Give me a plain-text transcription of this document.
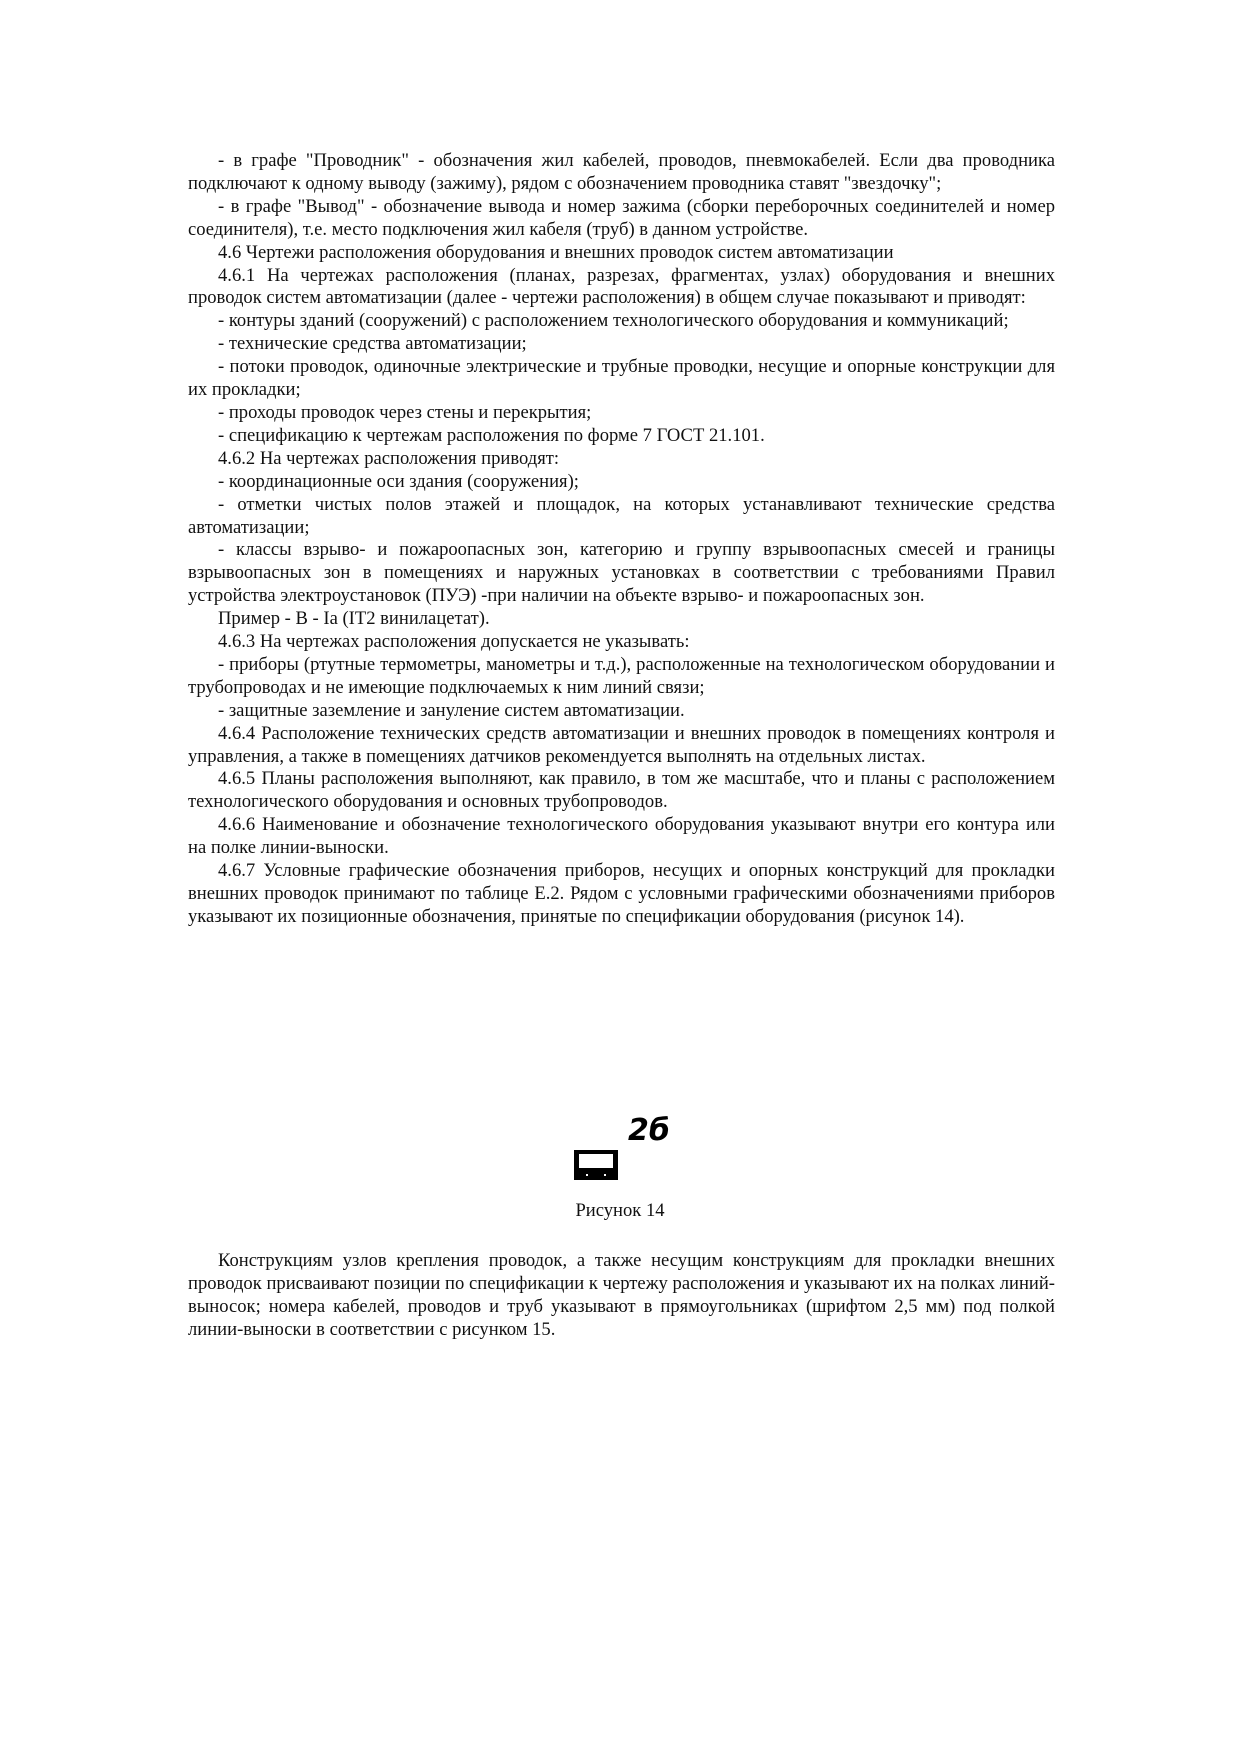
- в графе "Проводник" - обозначения жил кабелей, проводов, пневмокабелей. Если два проводника подключают к одному выводу (зажиму), рядом с обозначением проводника ставят "звездочку";

- в графе "Вывод" - обозначение вывода и номер зажима (сборки переборочных соединителей и номер соединителя), т.е. место подключения жил кабеля (труб) в данном устройстве.

4.6 Чертежи расположения оборудования и внешних проводок систем автоматизации

4.6.1 На чертежах расположения (планах, разрезах, фрагментах, узлах) оборудования и внешних проводок систем автоматизации (далее - чертежи расположения) в общем случае показывают и приводят:

- контуры зданий (сооружений) с расположением технологического оборудования и коммуникаций;

- технические средства автоматизации;

- потоки проводок, одиночные электрические и трубные проводки, несущие и опорные конструкции для их прокладки;

- проходы проводок через стены и перекрытия;

- спецификацию к чертежам расположения по форме 7 ГОСТ 21.101.

4.6.2 На чертежах расположения приводят:

- координационные оси здания (сооружения);

- отметки чистых полов этажей и площадок, на которых устанавливают технические средства автоматизации;

- классы взрыво- и пожароопасных зон, категорию и группу взрывоопасных смесей и границы взрывоопасных зон в помещениях и наружных установках в соответствии с требованиями Правил устройства электроустановок (ПУЭ) -при наличии на объекте взрыво- и пожароопасных зон.

Пример - В - Iа (IТ2 винилацетат).

4.6.3 На чертежах расположения допускается не указывать:

- приборы (ртутные термометры, манометры и т.д.), расположенные на технологическом оборудовании и трубопроводах и не имеющие подключаемых к ним линий связи;

- защитные заземление и зануление систем автоматизации.

4.6.4 Расположение технических средств автоматизации и внешних проводок в помещениях контроля и управления, а также в помещениях датчиков рекомендуется выполнять на отдельных листах.

4.6.5 Планы расположения выполняют, как правило, в том же масштабе, что и планы с расположением технологического оборудования и основных трубопроводов.

4.6.6 Наименование и обозначение технологического оборудования указывают внутри его контура или на полке линии-выноски.

4.6.7 Условные графические обозначения приборов, несущих и опорных конструкций для прокладки внешних проводок принимают по таблице Е.2. Рядом с условными графическими обозначениями приборов указывают их позиционные обозначения, принятые по спецификации оборудования (рисунок 14).

2б
Рисунок 14

Конструкциям узлов крепления проводок, а также несущим конструкциям для прокладки внешних проводок присваивают позиции по спецификации к чертежу расположения и указывают их на полках линий-выносок; номера кабелей, проводов и труб указывают в прямоугольниках (шрифтом 2,5 мм) под полкой линии-выноски в соответствии с рисунком 15.
